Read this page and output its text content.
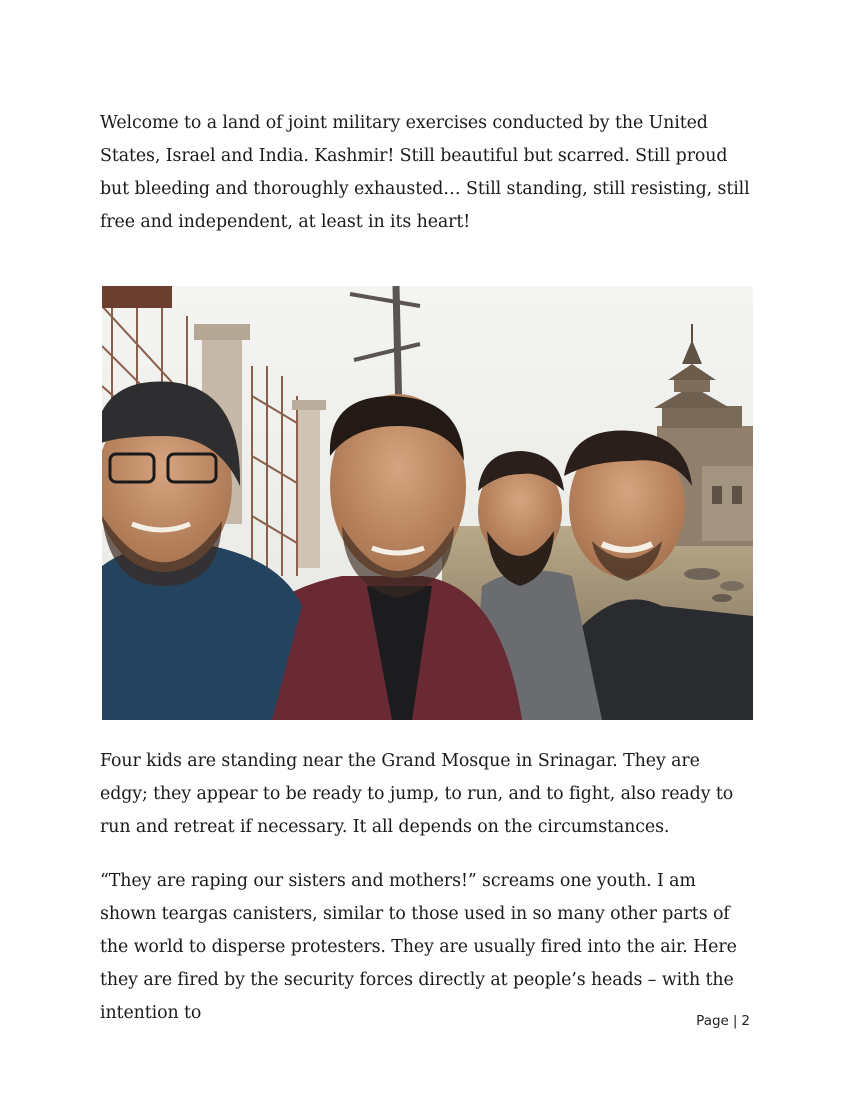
Welcome to a land of joint military exercises conducted by the United States, Israel and India. Kashmir! Still beautiful but scarred. Still proud but bleeding and thoroughly exhausted… Still standing, still resisting, still free and independent, at least in its heart!

Four kids are standing near the Grand Mosque in Srinagar. They are edgy; they appear to be ready to jump, to run, and to fight, also ready to run and retreat if necessary. It all depends on the circumstances.

“They are raping our sisters and mothers!” screams one youth. I am shown teargas canisters, similar to those used in so many other parts of the world to disperse protesters. They are usually fired into the air. Here they are fired by the security forces directly at people’s heads – with the intention to	Page | 2
